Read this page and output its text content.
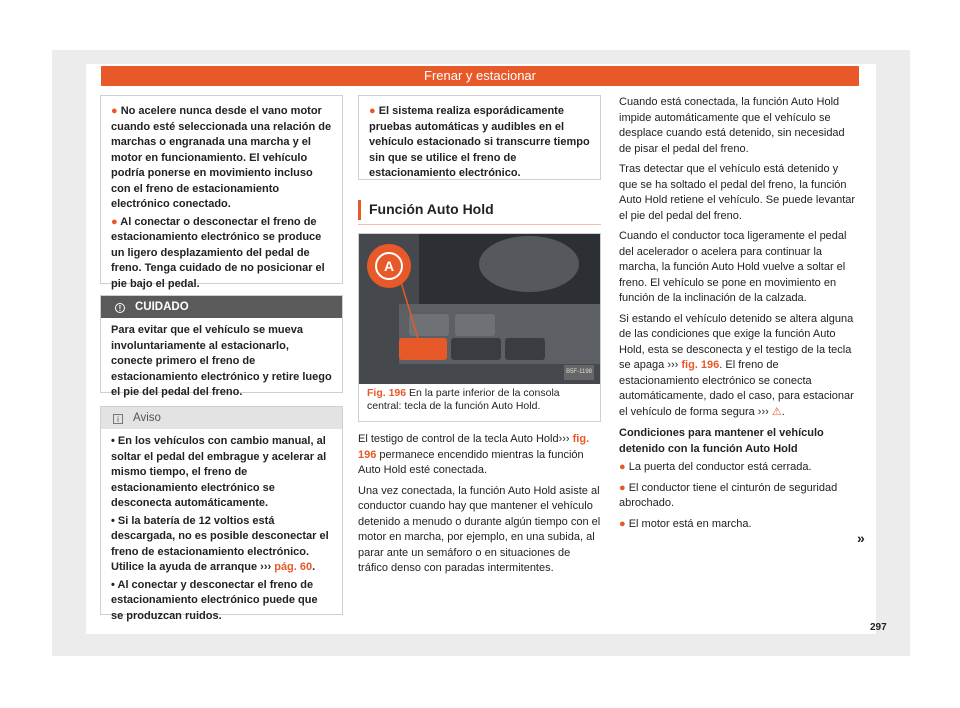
Frenar y estacionar

● No acelere nunca desde el vano motor cuando esté seleccionada una relación de marchas o engranada una marcha y el motor en funcionamiento. El vehículo podría ponerse en movimiento incluso con el freno de estacionamiento electrónico conectado.

● Al conectar o desconectar el freno de estacionamiento electrónico se produce un ligero desplazamiento del pedal de freno. Tenga cuidado de no posicionar el pie bajo el pedal.

! CUIDADO
Para evitar que el vehículo se mueva involuntariamente al estacionarlo, conecte primero el freno de estacionamiento electrónico y retire luego el pie del pedal del freno.
i Aviso

• En los vehículos con cambio manual, al soltar el pedal del embrague y acelerar al mismo tiempo, el freno de estacionamiento electrónico se desconecta automáticamente.

• Si la batería de 12 voltios está descargada, no es posible desconectar el freno de estacionamiento electrónico. Utilice la ayuda de arranque ››› pág. 60.

• Al conectar y desconectar el freno de estacionamiento electrónico puede que se produzcan ruidos.

● El sistema realiza esporádicamente pruebas automáticas y audibles en el vehículo estacionado si transcurre tiempo sin que se utilice el freno de estacionamiento electrónico.
Función Auto Hold
A
B5F-1198
Fig. 196 En la parte inferior de la consola central: tecla de la función Auto Hold.

El testigo de control de la tecla Auto Hold››› fig. 196 permanece encendido mientras la función Auto Hold esté conectada.

Una vez conectada, la función Auto Hold asiste al conductor cuando hay que mantener el vehículo detenido a menudo o durante algún tiempo con el motor en marcha, por ejemplo, en una subida, al parar ante un semáforo o en situaciones de tráfico denso con paradas intermitentes.

Cuando está conectada, la función Auto Hold impide automáticamente que el vehículo se desplace cuando está detenido, sin necesidad de pisar el pedal del freno.

Tras detectar que el vehículo está detenido y que se ha soltado el pedal del freno, la función Auto Hold retiene el vehículo. Se puede levantar el pie del pedal del freno.

Cuando el conductor toca ligeramente el pedal del acelerador o acelera para continuar la marcha, la función Auto Hold vuelve a soltar el freno. El vehículo se pone en movimiento en función de la inclinación de la calzada.

Si estando el vehículo detenido se altera alguna de las condiciones que exige la función Auto Hold, esta se desconecta y el testigo de la tecla se apaga ››› fig. 196. El freno de estacionamiento electrónico se conecta automáticamente, dado el caso, para estacionar el vehículo de forma segura ››› ⚠.

Condiciones para mantener el vehículo detenido con la función Auto Hold

● La puerta del conductor está cerrada.

● El conductor tiene el cinturón de seguridad abrochado.

● El motor está en marcha.

»
297
